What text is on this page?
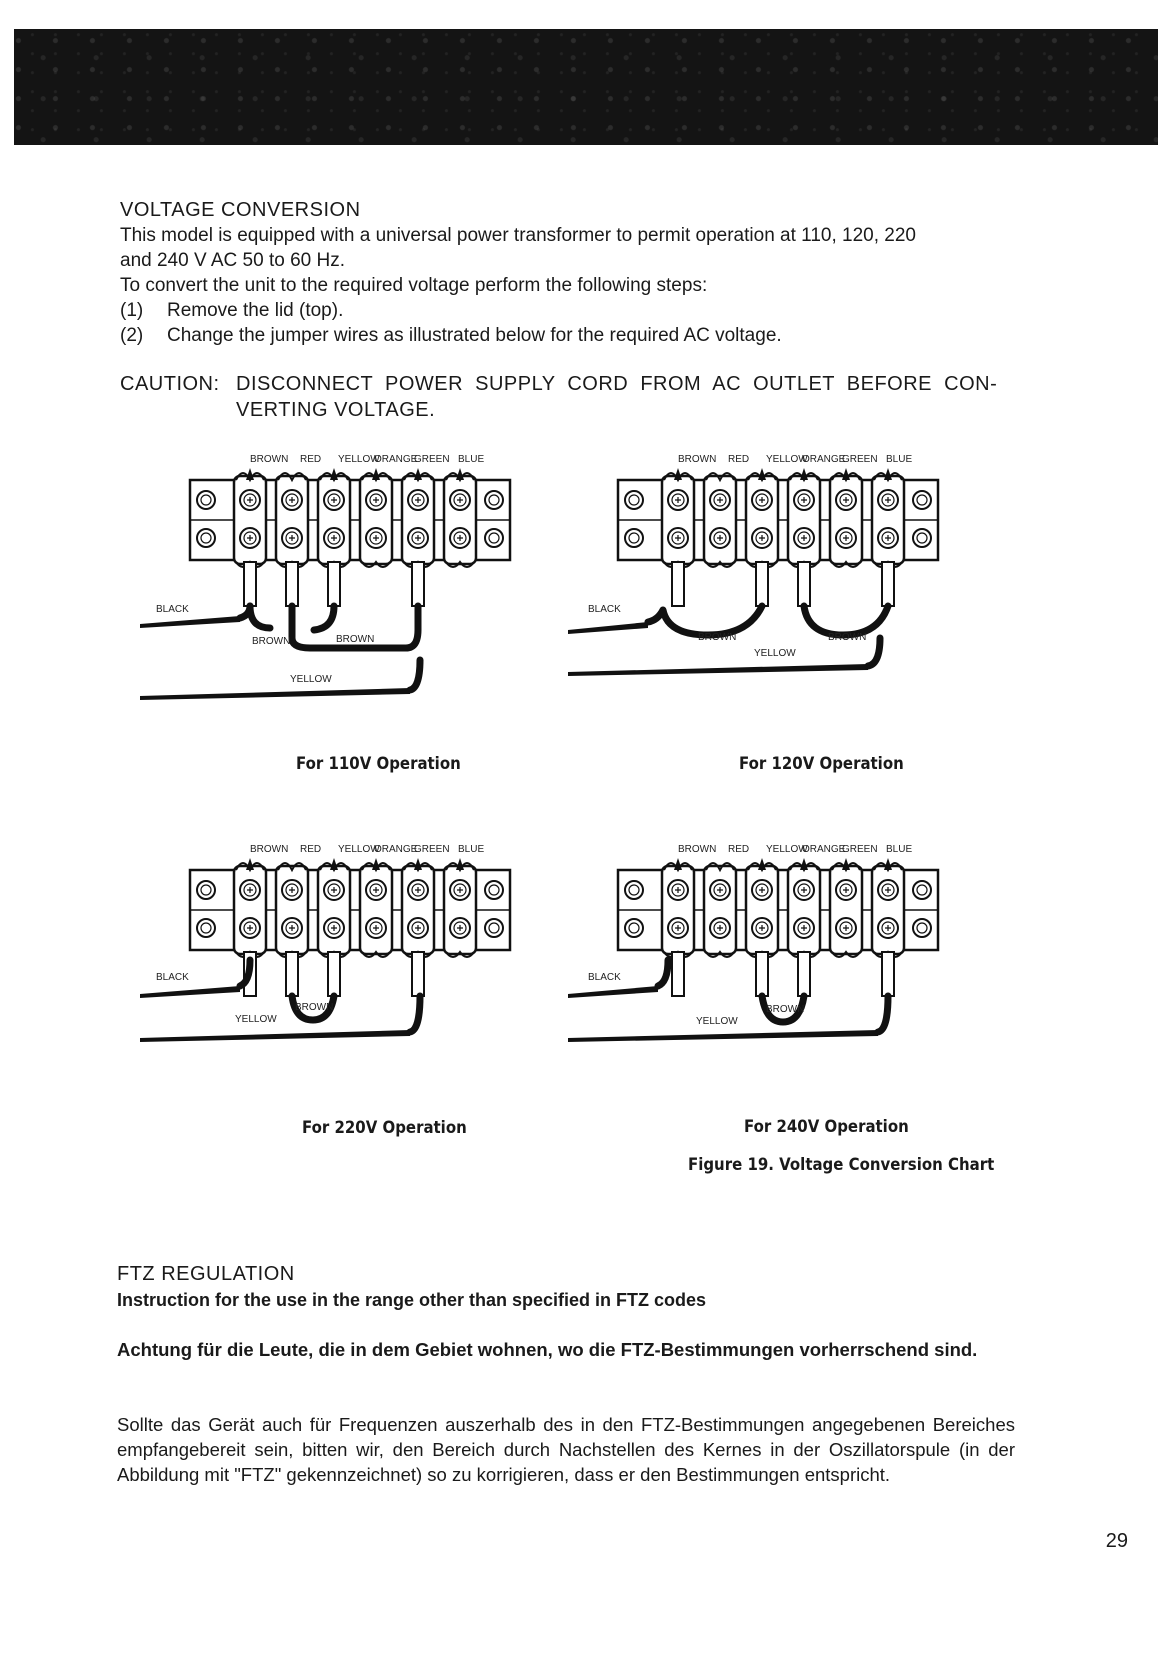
VOLTAGE CONVERSION
This model is equipped with a universal power transformer to permit operation at 110, 120, 220
and 240 V AC 50 to 60 Hz.
To convert the unit to the required voltage perform the following steps:
(1) Remove the lid (top).
(2) Change the jumper wires as illustrated below for the required AC voltage.
CAUTION: DISCONNECT  POWER  SUPPLY  CORD  FROM  AC  OUTLET  BEFORE  CON-
VERTING VOLTAGE.
BROWN RED YELLOW
ORANGE
GREEN BLUE
BLACK
BROWN	BROWN
YELLOW
BROWN RED YELLOW
ORANGE
GREEN BLUE
BLACK
BROWN	BROWN
YELLOW
BROWN RED YELLOW
ORANGE
GREEN BLUE
BLACK
BROWN
YELLOW
BROWN RED YELLOW
ORANGE
GREEN BLUE
BLACK
BROWN
YELLOW
For 110V Operation	For 120V Operation
For 220V Operation	For 240V Operation
Figure 19. Voltage Conversion Chart
FTZ REGULATION
Instruction for the use in the range other than specified in FTZ codes
Achtung für die Leute, die in dem Gebiet wohnen, wo die FTZ-Bestimmungen vorherrschend sind.
Sollte das Gerät auch für Frequenzen auszerhalb des in den FTZ-Bestimmungen angegebenen Bereiches empfangebereit sein, bitten wir, den Bereich durch Nachstellen des Kernes in der Oszillatorspule (in der Abbildung mit "FTZ" gekennzeichnet) so zu korrigieren, dass er den Bestimmungen entspricht.
29
